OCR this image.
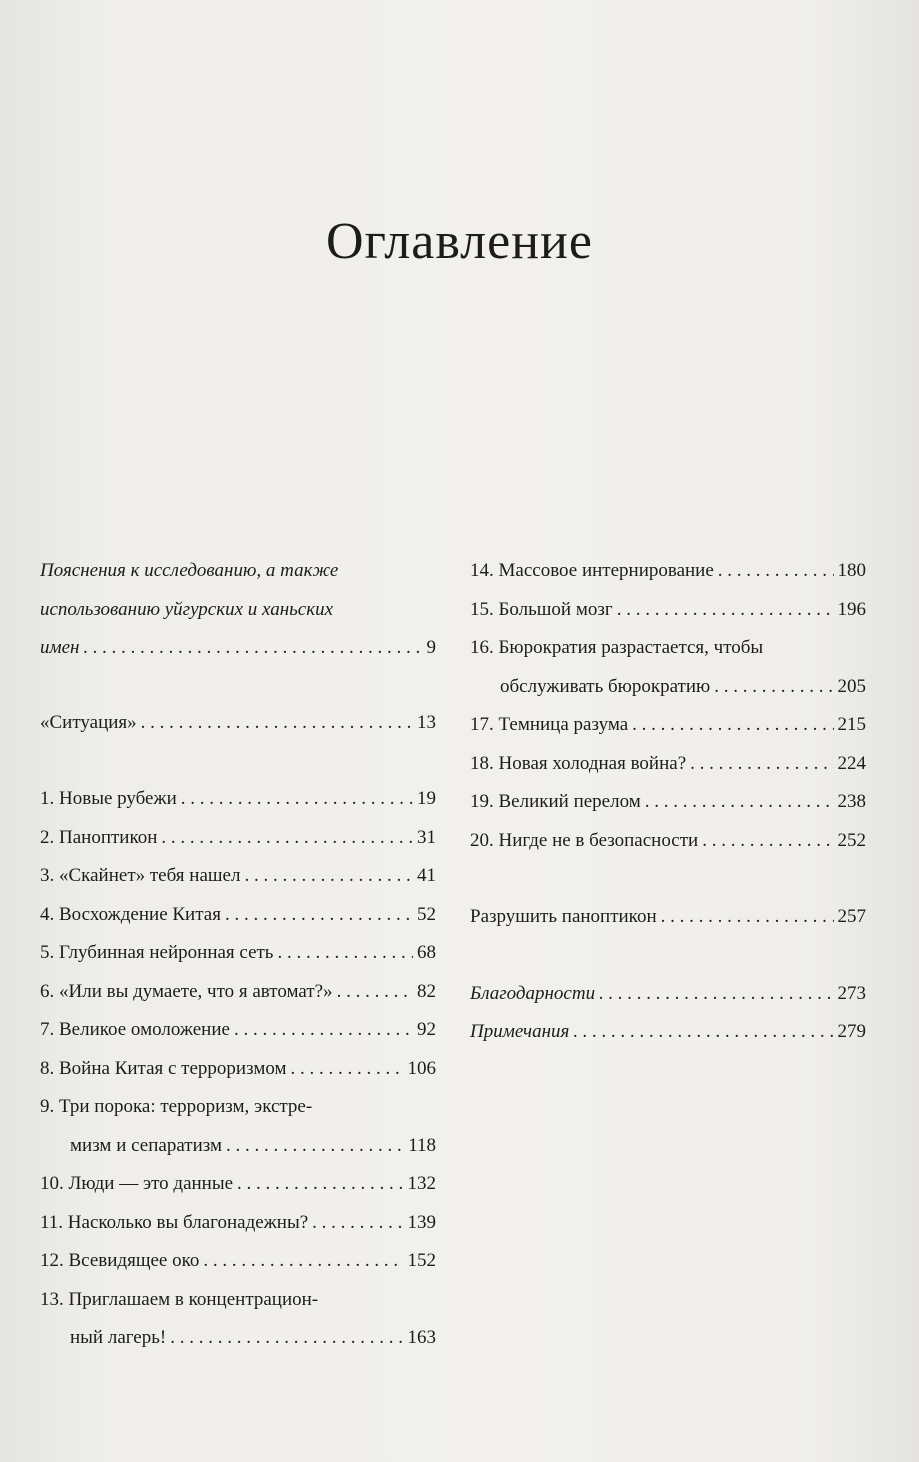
Оглавление
Пояснения к исследованию, а также
использованию уйгурских и ханьских
имен . . .	9
«Ситуация» . . .	13
1. Новые рубежи . . .	19
2. Паноптикон . . .	31
3. «Скайнет» тебя нашел . . .	41
4. Восхождение Китая . . .	52
5. Глубинная нейронная сеть . . .	68
6. «Или вы думаете, что я автомат?» . . .	82
7. Великое омоложение . . .	92
8. Война Китая с терроризмом . . .	106
9. Три порока: терроризм, экстре-
мизм и сепаратизм . . .	118
10. Люди — это данные . . .	132
11. Насколько вы благонадежны? . . .	139
12. Всевидящее око . . .	152
13. Приглашаем в концентрацион-
ный лагерь! . . .	163
14. Массовое интернирование . . .	180
15. Большой мозг . . .	196
16. Бюрократия разрастается, чтобы
обслуживать бюрократию . . .	205
17. Темница разума . . .	215
18. Новая холодная война? . . .	224
19. Великий перелом . . .	238
20. Нигде не в безопасности . . .	252
Разрушить паноптикон . . .	257
Благодарности . . .	273
Примечания . . .	279
